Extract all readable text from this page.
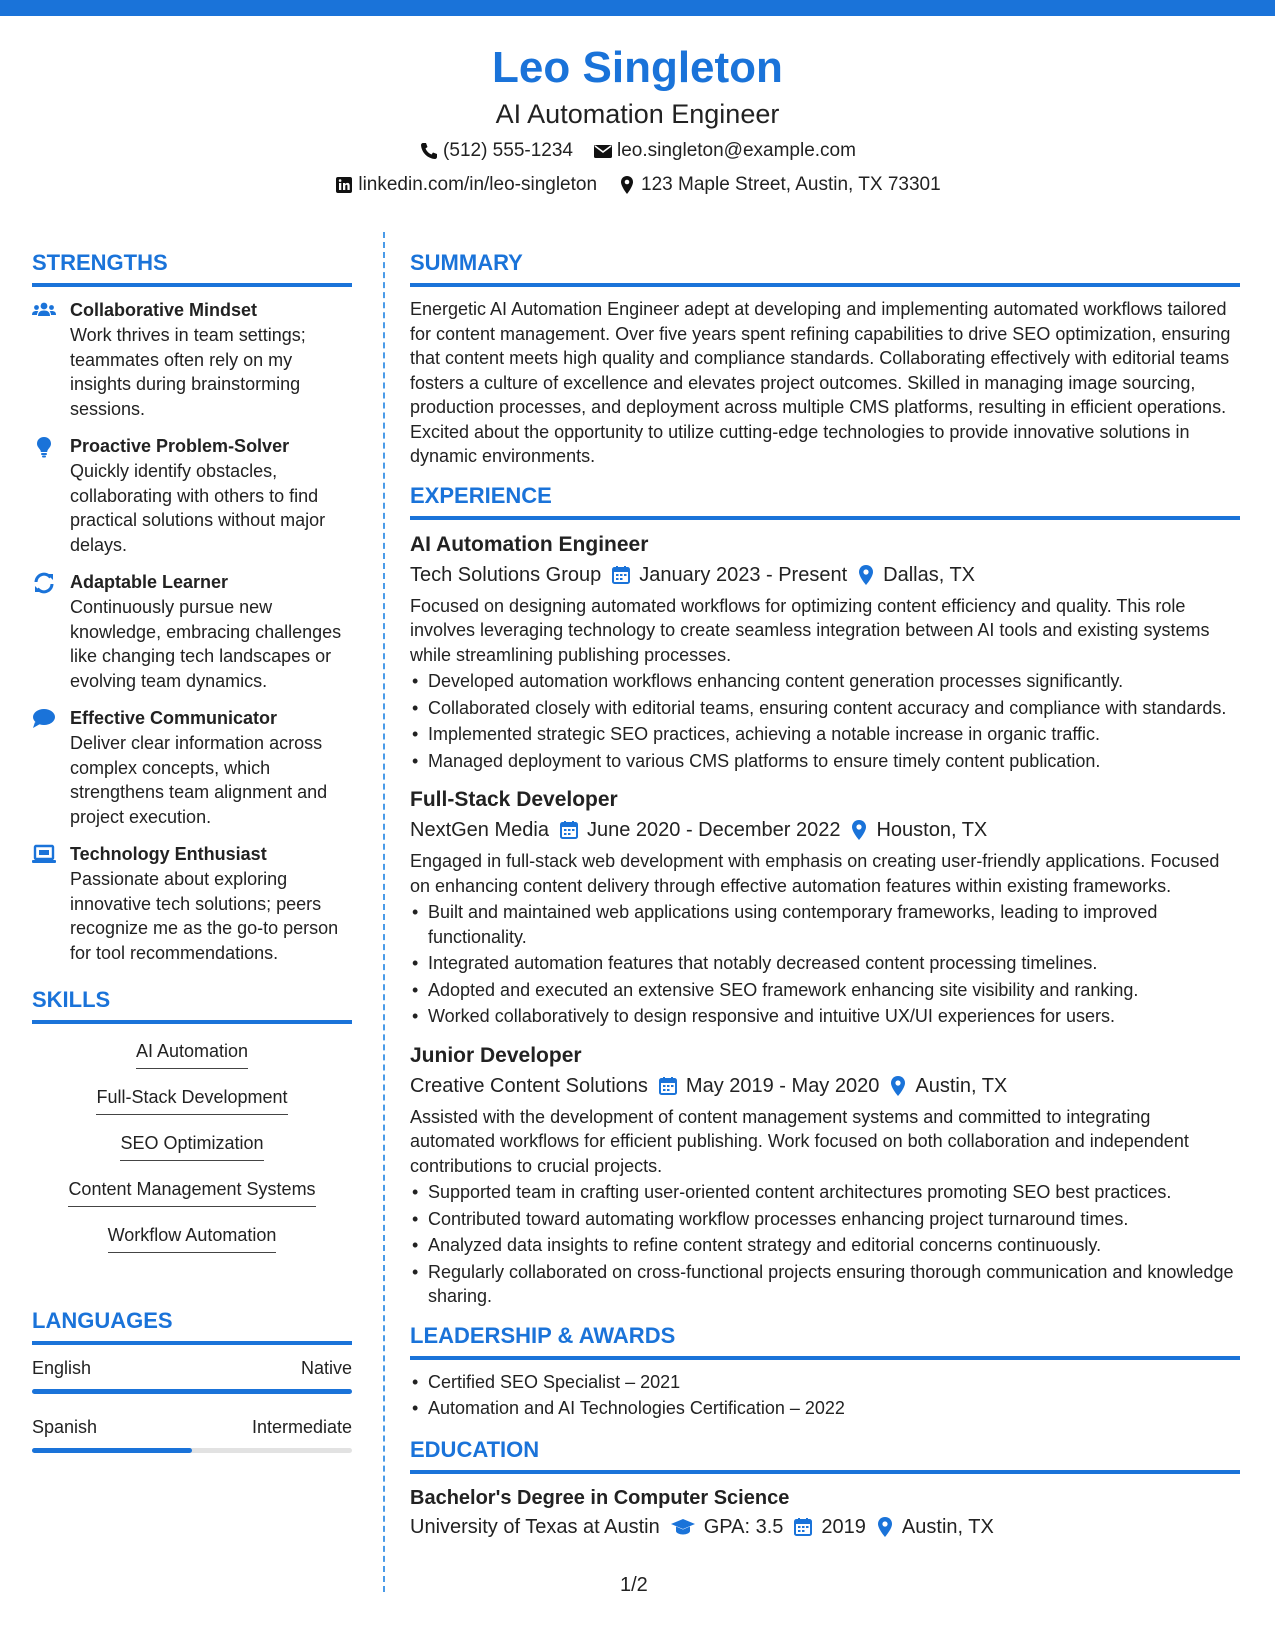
Leo Singleton
AI Automation Engineer
(512) 555-1234 leo.singleton@example.com
linkedin.com/in/leo-singleton 123 Maple Street, Austin, TX 73301
STRENGTHS
Collaborative Mindset
Work thrives in team settings; teammates often rely on my insights during brainstorming sessions.
Proactive Problem-Solver
Quickly identify obstacles, collaborating with others to find practical solutions without major delays.
Adaptable Learner
Continuously pursue new knowledge, embracing challenges like changing tech landscapes or evolving team dynamics.
Effective Communicator
Deliver clear information across complex concepts, which strengthens team alignment and project execution.
Technology Enthusiast
Passionate about exploring innovative tech solutions; peers recognize me as the go-to person for tool recommendations.
SKILLS
AI Automation
Full-Stack Development
SEO Optimization
Content Management Systems
Workflow Automation
LANGUAGES
English	Native
Spanish	Intermediate
SUMMARY
Energetic AI Automation Engineer adept at developing and implementing automated workflows tailored for content management. Over five years spent refining capabilities to drive SEO optimization, ensuring that content meets high quality and compliance standards. Collaborating effectively with editorial teams fosters a culture of excellence and elevates project outcomes. Skilled in managing image sourcing, production processes, and deployment across multiple CMS platforms, resulting in efficient operations. Excited about the opportunity to utilize cutting-edge technologies to provide innovative solutions in dynamic environments.
EXPERIENCE
AI Automation Engineer
Tech Solutions Group January 2023 - Present Dallas, TX
Focused on designing automated workflows for optimizing content efficiency and quality. This role involves leveraging technology to create seamless integration between AI tools and existing systems while streamlining publishing processes.
• Developed automation workflows enhancing content generation processes significantly.
• Collaborated closely with editorial teams, ensuring content accuracy and compliance with standards.
• Implemented strategic SEO practices, achieving a notable increase in organic traffic.
• Managed deployment to various CMS platforms to ensure timely content publication.
Full-Stack Developer
NextGen Media June 2020 - December 2022 Houston, TX
Engaged in full-stack web development with emphasis on creating user-friendly applications. Focused on enhancing content delivery through effective automation features within existing frameworks.
• Built and maintained web applications using contemporary frameworks, leading to improved functionality.
• Integrated automation features that notably decreased content processing timelines.
• Adopted and executed an extensive SEO framework enhancing site visibility and ranking.
• Worked collaboratively to design responsive and intuitive UX/UI experiences for users.
Junior Developer
Creative Content Solutions May 2019 - May 2020 Austin, TX
Assisted with the development of content management systems and committed to integrating automated workflows for efficient publishing. Work focused on both collaboration and independent contributions to crucial projects.
• Supported team in crafting user-oriented content architectures promoting SEO best practices.
• Contributed toward automating workflow processes enhancing project turnaround times.
• Analyzed data insights to refine content strategy and editorial concerns continuously.
• Regularly collaborated on cross-functional projects ensuring thorough communication and knowledge sharing.
LEADERSHIP & AWARDS
• Certified SEO Specialist – 2021
• Automation and AI Technologies Certification – 2022
EDUCATION
Bachelor's Degree in Computer Science
University of Texas at Austin GPA: 3.5 2019 Austin, TX
1/2
